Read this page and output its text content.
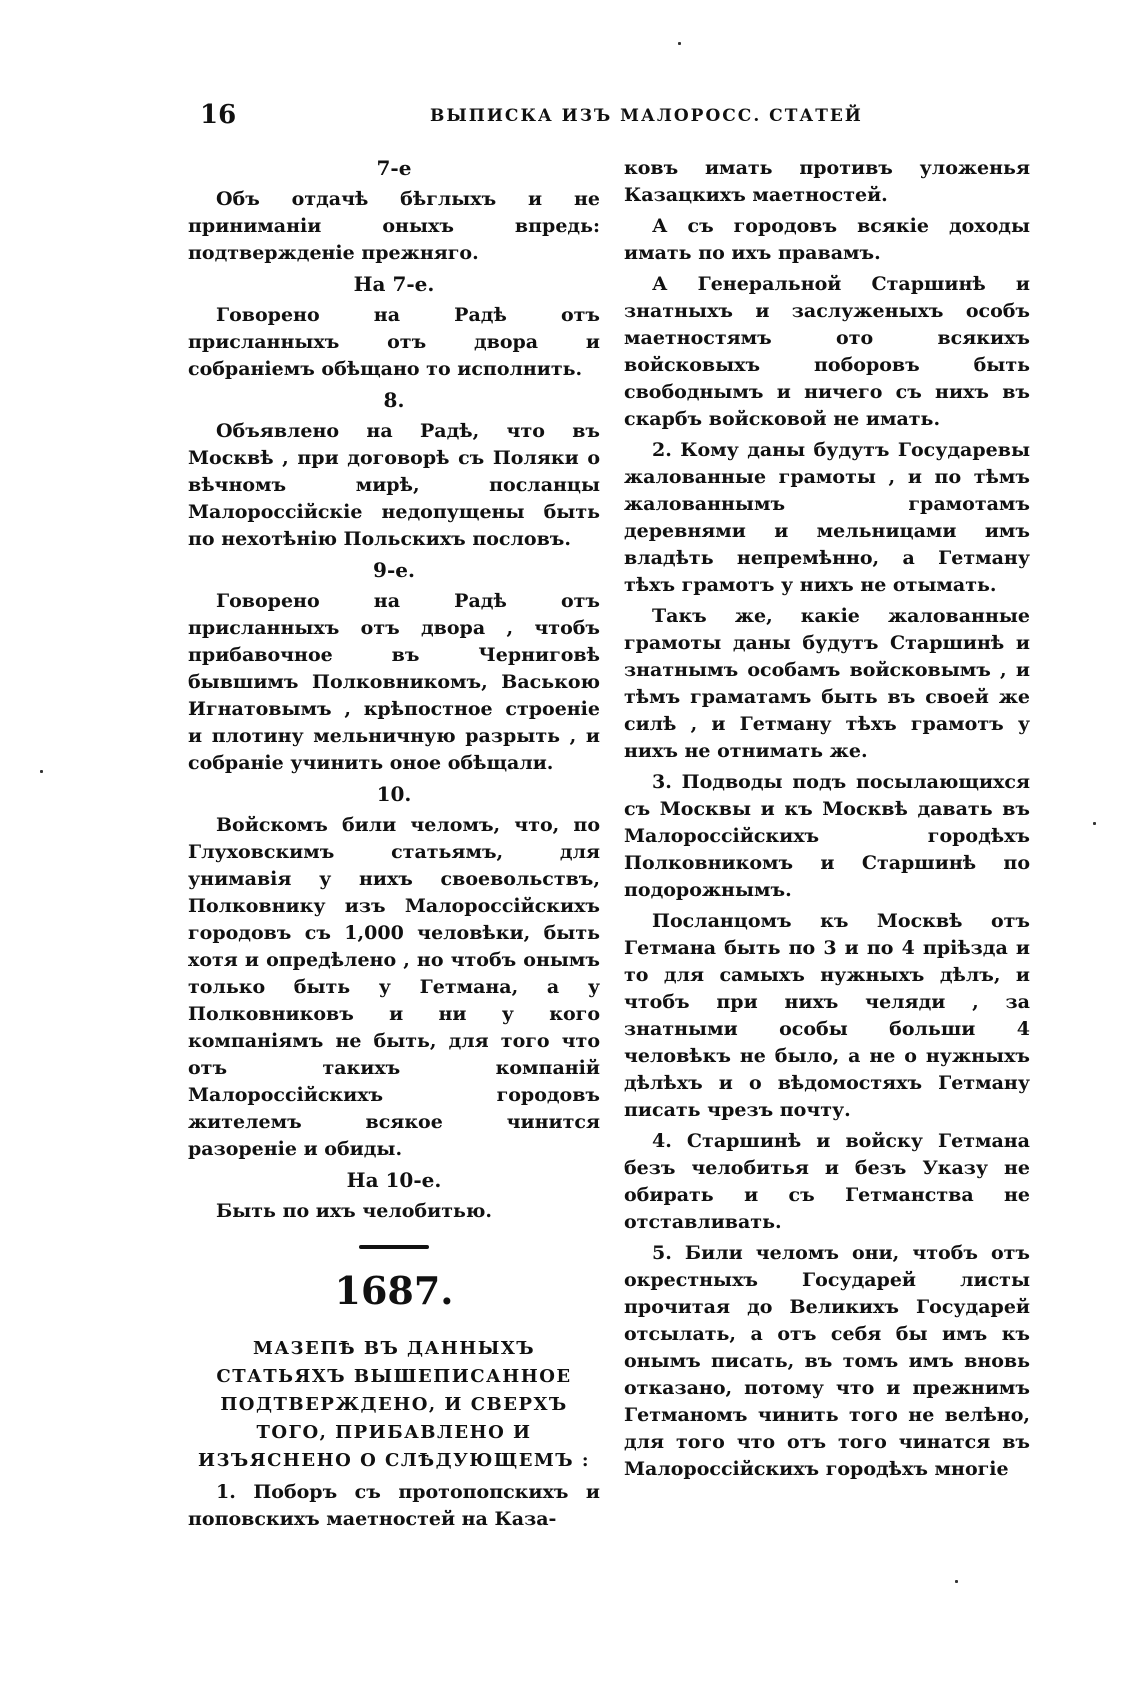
16	ВЫПИСКА ИЗЪ МАЛОРОСС. СТАТЕЙ

7-е

Объ отдачѣ бѣглыхъ и не приниманіи оныхъ впредь: подтвержденіе прежняго.

На 7-е.

Говорено на Радѣ отъ присланныхъ отъ двора и собраніемъ обѣщано то исполнить.

8.

Объявлено на Радѣ, что въ Москвѣ , при договорѣ съ Поляки о вѣчномъ мирѣ, посланцы Малороссійскіе недопущены быть по нехотѣнію Польскихъ пословъ.

9-е.

Говорено на Радѣ отъ присланныхъ отъ двора , чтобъ прибавочное въ Черниговѣ бывшимъ Полковникомъ, Ваською Игнатовымъ , крѣпостное строеніе и плотину мельничную разрыть , и собраніе учинить оное обѣщали.

10.

Войскомъ били челомъ, что, по Глуховскимъ статьямъ, для унимавія у нихъ своевольствъ, Полковнику изъ Малороссійскихъ городовъ съ 1,000 человѣки, быть хотя и опредѣлено , но чтобъ онымъ только быть у Гетмана, а у Полковниковъ и ни у кого компаніямъ не быть, для того что отъ такихъ компаній Малороссійскихъ городовъ жителемъ всякое чинится разореніе и обиды.

На 10-е.

Быть по ихъ челобитью.

1687.
МАЗЕПѢ ВЪ ДАННЫХЪ СТАТЬЯХЪ ВЫШЕПИСАННОЕ ПОДТВЕРЖДЕНО, И СВЕРХЪ ТОГО, ПРИБАВЛЕНО И ИЗЪЯСНЕНО О СЛѢДУЮЩЕМЪ :

1. Поборъ съ протопопскихъ и поповскихъ маетностей на Каза-

ковъ имать противъ уложенья Казацкихъ маетностей.

А съ городовъ всякіе доходы имать по ихъ правамъ.

А Генеральной Старшинѣ и знатныхъ и заслуженыхъ особъ маетностямъ ото всякихъ войсковыхъ поборовъ быть свободнымъ и ничего съ нихъ въ скарбъ войсковой не имать.

2. Кому даны будутъ Государевы жалованные грамоты , и по тѣмъ жалованнымъ грамотамъ деревнями и мельницами имъ владѣть непремѣнно, а Гетману тѣхъ грамотъ у нихъ не отымать.

Такъ же, какіе жалованные грамоты даны будутъ Старшинѣ и знатнымъ особамъ войсковымъ , и тѣмъ граматамъ быть въ своей же силѣ , и Гетману тѣхъ грамотъ у нихъ не отнимать же.

3. Подводы подъ посылающихся съ Москвы и къ Москвѣ давать въ Малороссійскихъ городѣхъ Полковникомъ и Старшинѣ по подорожнымъ.

Посланцомъ къ Москвѣ отъ Гетмана быть по 3 и по 4 пріѣзда и то для самыхъ нужныхъ дѣлъ, и чтобъ при нихъ челяди , за знатными особы больши 4 человѣкъ не было, а не о нужныхъ дѣлѣхъ и о вѣдомостяхъ Гетману писать чрезъ почту.

4. Старшинѣ и войску Гетмана безъ челобитья и безъ Указу не обирать и съ Гетманства не отставливать.

5. Били челомъ они, чтобъ отъ окрестныхъ Государей листы прочитая до Великихъ Государей отсылать, а отъ себя бы имъ къ онымъ писать, въ томъ имъ вновь отказано, потому что и прежнимъ Гетманомъ чинить того не велѣно, для того что отъ того чинатся въ Малороссійскихъ городѣхъ многіе
